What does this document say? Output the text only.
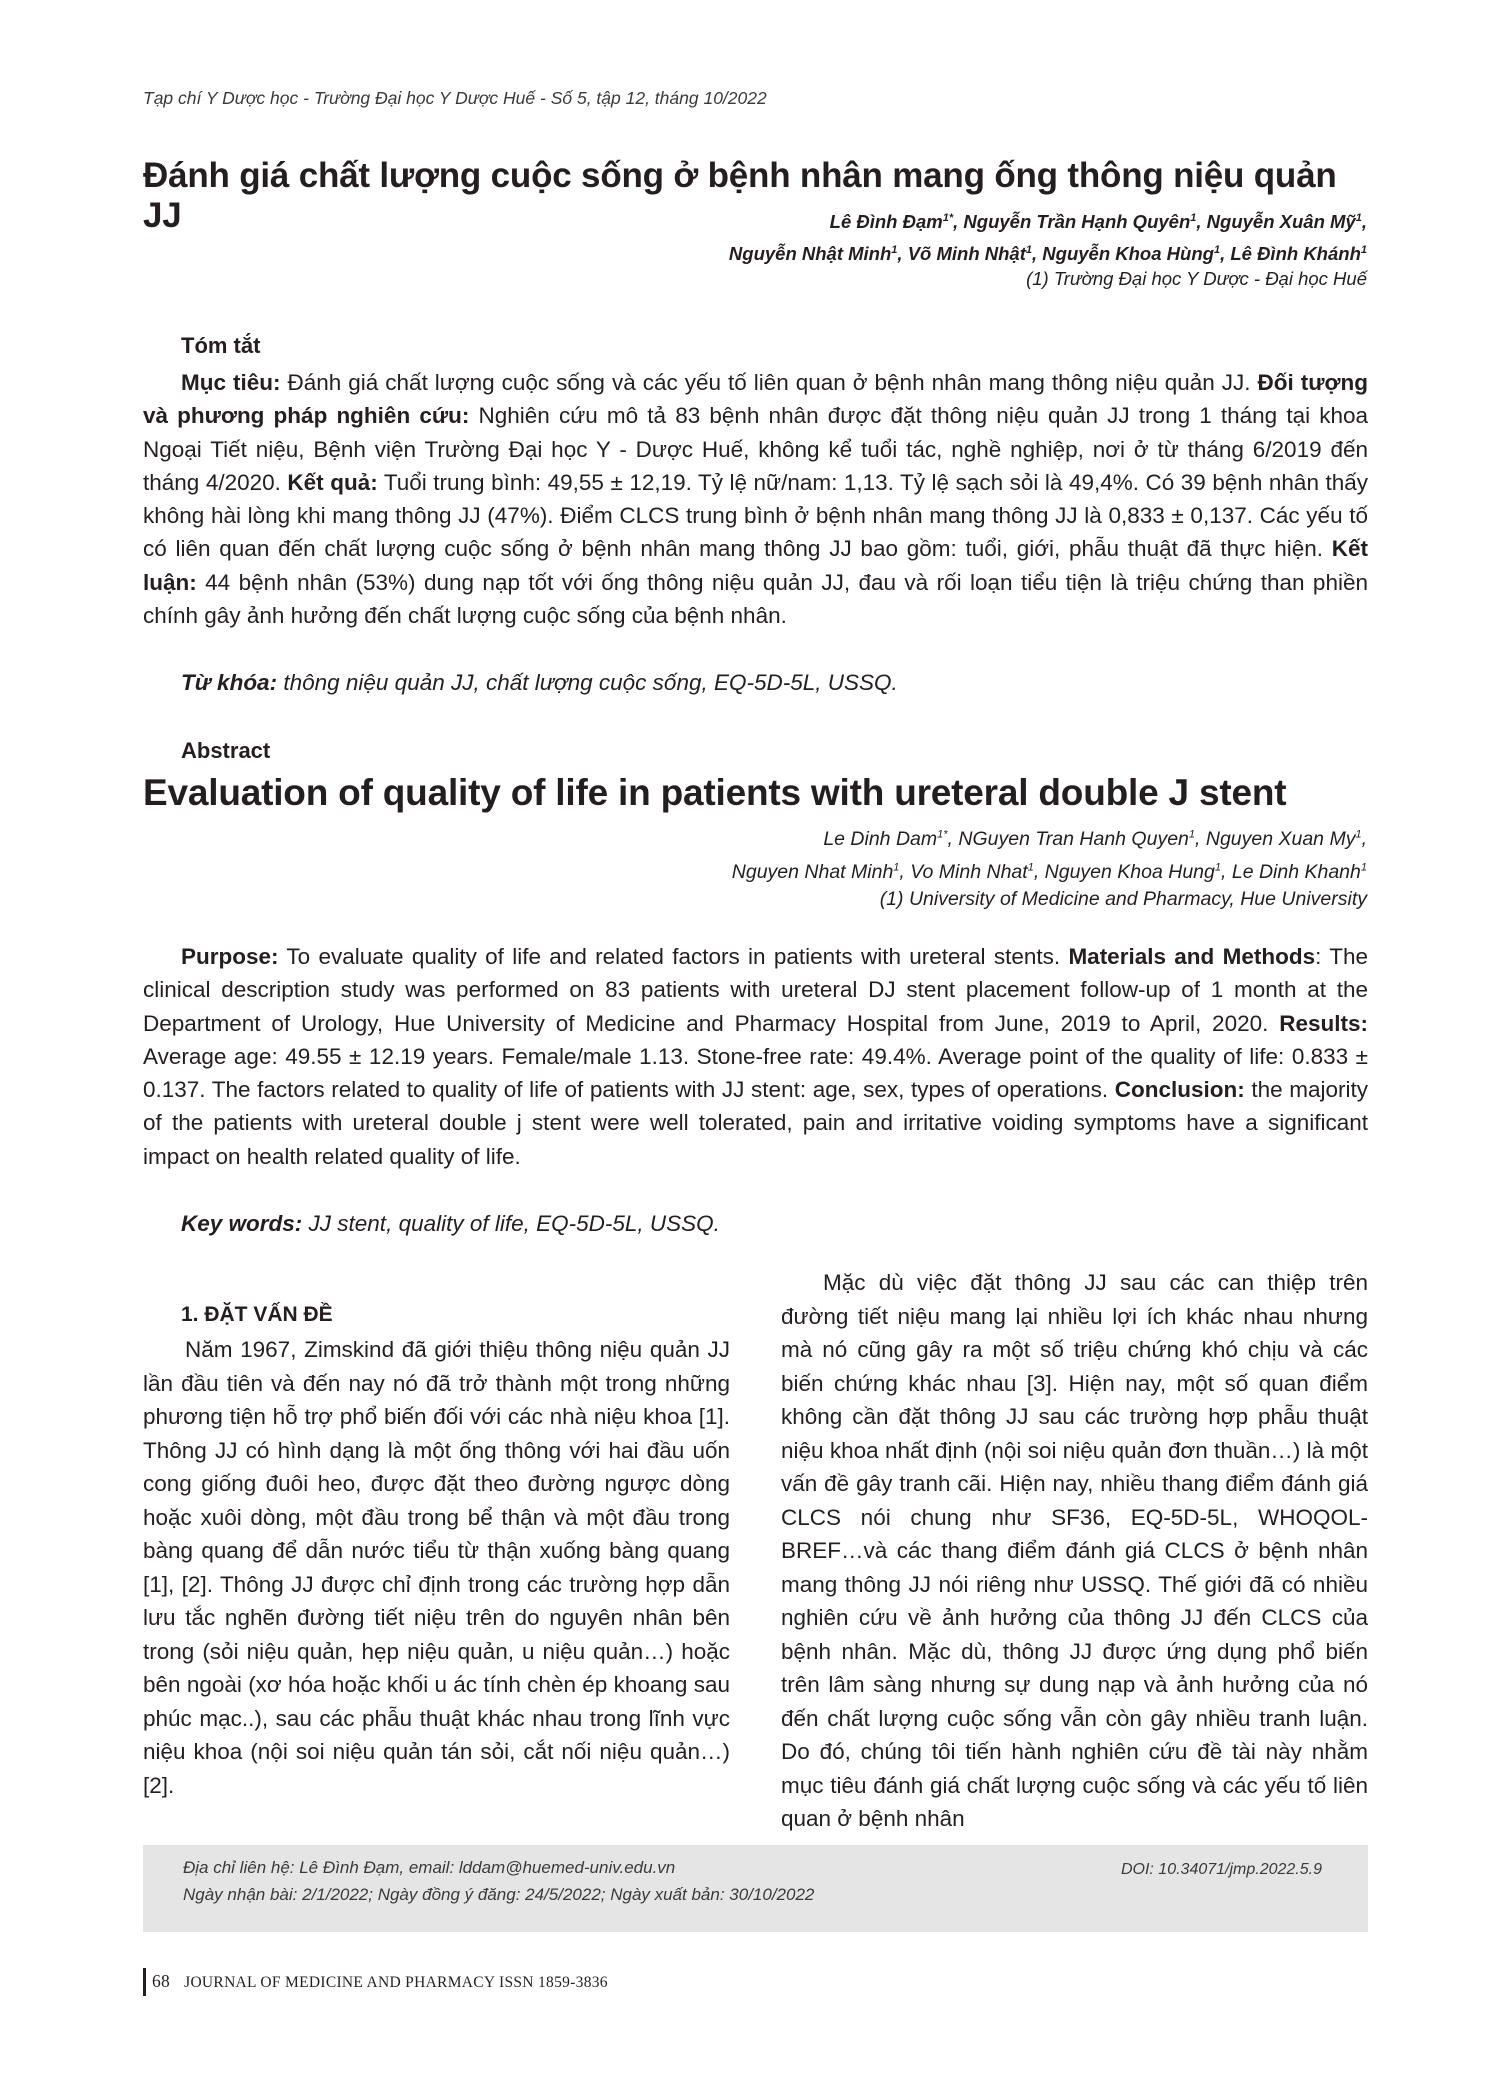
Tạp chí Y Dược học - Trường Đại học Y Dược Huế - Số 5, tập 12, tháng 10/2022
Đánh giá chất lượng cuộc sống ở bệnh nhân mang ống thông niệu quản JJ	Lê Đình Đạm$^{1*}$, Nguyễn Trần Hạnh Quyên$^1$, Nguyễn Xuân Mỹ$^1$,
Nguyễn Nhật Minh$^1$, Võ Minh Nhật$^1$, Nguyễn Khoa Hùng$^1$, Lê Đình Khánh$^1$
(1) Trường Đại học Y Dược - Đại học Huế
Tóm tắt
Mục tiêu: Đánh giá chất lượng cuộc sống và các yếu tố liên quan ở bệnh nhân mang thông niệu quản JJ. Đối tượng và phương pháp nghiên cứu: Nghiên cứu mô tả 83 bệnh nhân được đặt thông niệu quản JJ trong 1 tháng tại khoa Ngoại Tiết niệu, Bệnh viện Trường Đại học Y - Dược Huế, không kể tuổi tác, nghề nghiệp, nơi ở từ tháng 6/2019 đến tháng 4/2020. Kết quả: Tuổi trung bình: 49,55 ± 12,19. Tỷ lệ nữ/nam: 1,13. Tỷ lệ sạch sỏi là 49,4%. Có 39 bệnh nhân thấy không hài lòng khi mang thông JJ (47%). Điểm CLCS trung bình ở bệnh nhân mang thông JJ là 0,833 ± 0,137. Các yếu tố có liên quan đến chất lượng cuộc sống ở bệnh nhân mang thông JJ bao gồm: tuổi, giới, phẫu thuật đã thực hiện. Kết luận: 44 bệnh nhân (53%) dung nạp tốt với ống thông niệu quản JJ, đau và rối loạn tiểu tiện là triệu chứng than phiền chính gây ảnh hưởng đến chất lượng cuộc sống của bệnh nhân.
Từ khóa: thông niệu quản JJ, chất lượng cuộc sống, EQ-5D-5L, USSQ.
Abstract
Evaluation of quality of life in patients with ureteral double J stent
Le Dinh Dam$^{1*}$, NGuyen Tran Hanh Quyen$^1$, Nguyen Xuan My$^1$,
Nguyen Nhat Minh$^1$, Vo Minh Nhat$^1$, Nguyen Khoa Hung$^1$, Le Dinh Khanh$^1$
(1) University of Medicine and Pharmacy, Hue University
Purpose: To evaluate quality of life and related factors in patients with ureteral stents. Materials and Methods: The clinical description study was performed on 83 patients with ureteral DJ stent placement follow-up of 1 month at the Department of Urology, Hue University of Medicine and Pharmacy Hospital from June, 2019 to April, 2020. Results: Average age: 49.55 ± 12.19 years. Female/male 1.13. Stone-free rate: 49.4%. Average point of the quality of life: 0.833 ± 0.137. The factors related to quality of life of patients with JJ stent: age, sex, types of operations. Conclusion: the majority of the patients with ureteral double j stent were well tolerated, pain and irritative voiding symptoms have a significant impact on health related quality of life.
Key words: JJ stent, quality of life, EQ-5D-5L, USSQ.
1. ĐẶT VẤN ĐỀ

Năm 1967, Zimskind đã giới thiệu thông niệu quản JJ lần đầu tiên và đến nay nó đã trở thành một trong những phương tiện hỗ trợ phổ biến đối với các nhà niệu khoa [1]. Thông JJ có hình dạng là một ống thông với hai đầu uốn cong giống đuôi heo, được đặt theo đường ngược dòng hoặc xuôi dòng, một đầu trong bể thận và một đầu trong bàng quang để dẫn nước tiểu từ thận xuống bàng quang [1], [2]. Thông JJ được chỉ định trong các trường hợp dẫn lưu tắc nghẽn đường tiết niệu trên do nguyên nhân bên trong (sỏi niệu quản, hẹp niệu quản, u niệu quản…) hoặc bên ngoài (xơ hóa hoặc khối u ác tính chèn ép khoang sau phúc mạc..), sau các phẫu thuật khác nhau trong lĩnh vực niệu khoa (nội soi niệu quản tán sỏi, cắt nối niệu quản…) [2].

Mặc dù việc đặt thông JJ sau các can thiệp trên đường tiết niệu mang lại nhiều lợi ích khác nhau nhưng mà nó cũng gây ra một số triệu chứng khó chịu và các biến chứng khác nhau [3]. Hiện nay, một số quan điểm không cần đặt thông JJ sau các trường hợp phẫu thuật niệu khoa nhất định (nội soi niệu quản đơn thuần…) là một vấn đề gây tranh cãi. Hiện nay, nhiều thang điểm đánh giá CLCS nói chung như SF36, EQ-5D-5L, WHOQOL-BREF…và các thang điểm đánh giá CLCS ở bệnh nhân mang thông JJ nói riêng như USSQ. Thế giới đã có nhiều nghiên cứu về ảnh hưởng của thông JJ đến CLCS của bệnh nhân. Mặc dù, thông JJ được ứng dụng phổ biến trên lâm sàng nhưng sự dung nạp và ảnh hưởng của nó đến chất lượng cuộc sống vẫn còn gây nhiều tranh luận. Do đó, chúng tôi tiến hành nghiên cứu đề tài này nhằm mục tiêu đánh giá chất lượng cuộc sống và các yếu tố liên quan ở bệnh nhân

Địa chỉ liên hệ: Lê Đình Đạm, email: lddam@huemed-univ.edu.vn
Ngày nhận bài: 2/1/2022; Ngày đồng ý đăng: 24/5/2022; Ngày xuất bản: 30/10/2022
DOI: 10.34071/jmp.2022.5.9
68 JOURNAL OF MEDICINE AND PHARMACY ISSN 1859-3836
